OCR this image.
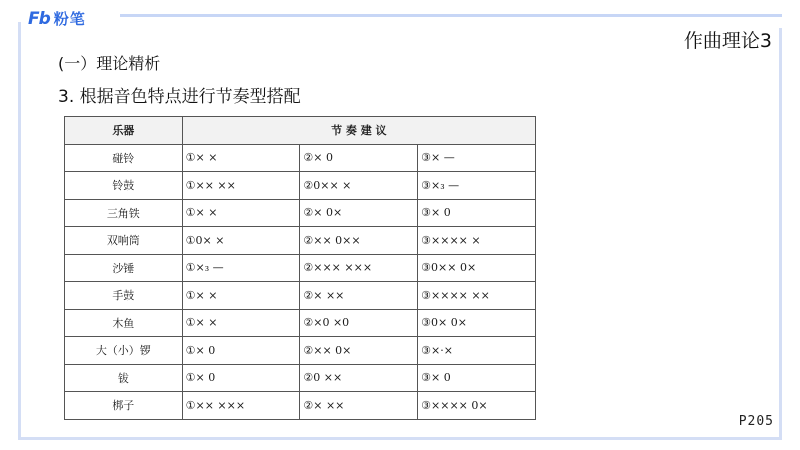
Fb 粉笔
作曲理论3
(一）理论精析
3. 根据音色特点进行节奏型搭配
乐器	节 奏 建 议		
碰铃	①× ×	②× 0	③× —
铃鼓	①×× ××	②0×× ×	③×₃ —
三角铁	①× ×	②× 0×	③× 0
双响筒	①0× ×	②×× 0××	③×××× ×
沙锤	①×₃ —	②××× ×××	③0×× 0×
手鼓	①× ×	②× ××	③×××× ××
木鱼	①× ×	②×0 ×0	③0× 0×
大（小）锣	①× 0	②×× 0×	③×·×
钹	①× 0	②0 ××	③× 0
梆子	①×× ×××	②× ××	③×××× 0×
P205
